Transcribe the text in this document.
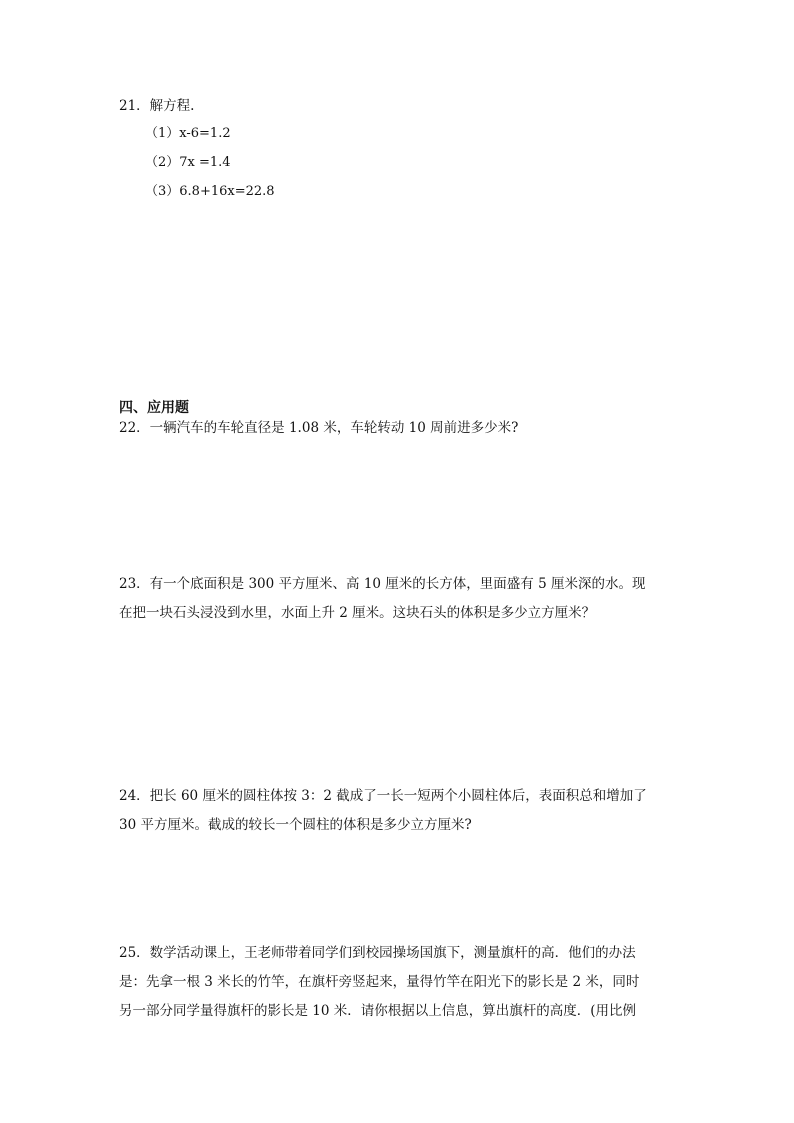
21．解方程.
（1）x-6=1.2
（2）7x =1.4
（3）6.8+16x=22.8
四、应用题
22．一辆汽车的车轮直径是 1.08 米，车轮转动 10 周前进多少米?
23．有一个底面积是 300 平方厘米、高 10 厘米的长方体，里面盛有 5 厘米深的水。现
在把一块石头浸没到水里，水面上升 2 厘米。这块石头的体积是多少立方厘米？
24．把长 60 厘米的圆柱体按 3：2 截成了一长一短两个小圆柱体后，表面积总和增加了
30 平方厘米。截成的较长一个圆柱的体积是多少立方厘米?
25．数学活动课上，王老师带着同学们到校园操场国旗下，测量旗杆的高．他们的办法
是：先拿一根 3 米长的竹竿，在旗杆旁竖起来，量得竹竿在阳光下的影长是 2 米，同时
另一部分同学量得旗杆的影长是 10 米．请你根据以上信息，算出旗杆的高度．(用比例
